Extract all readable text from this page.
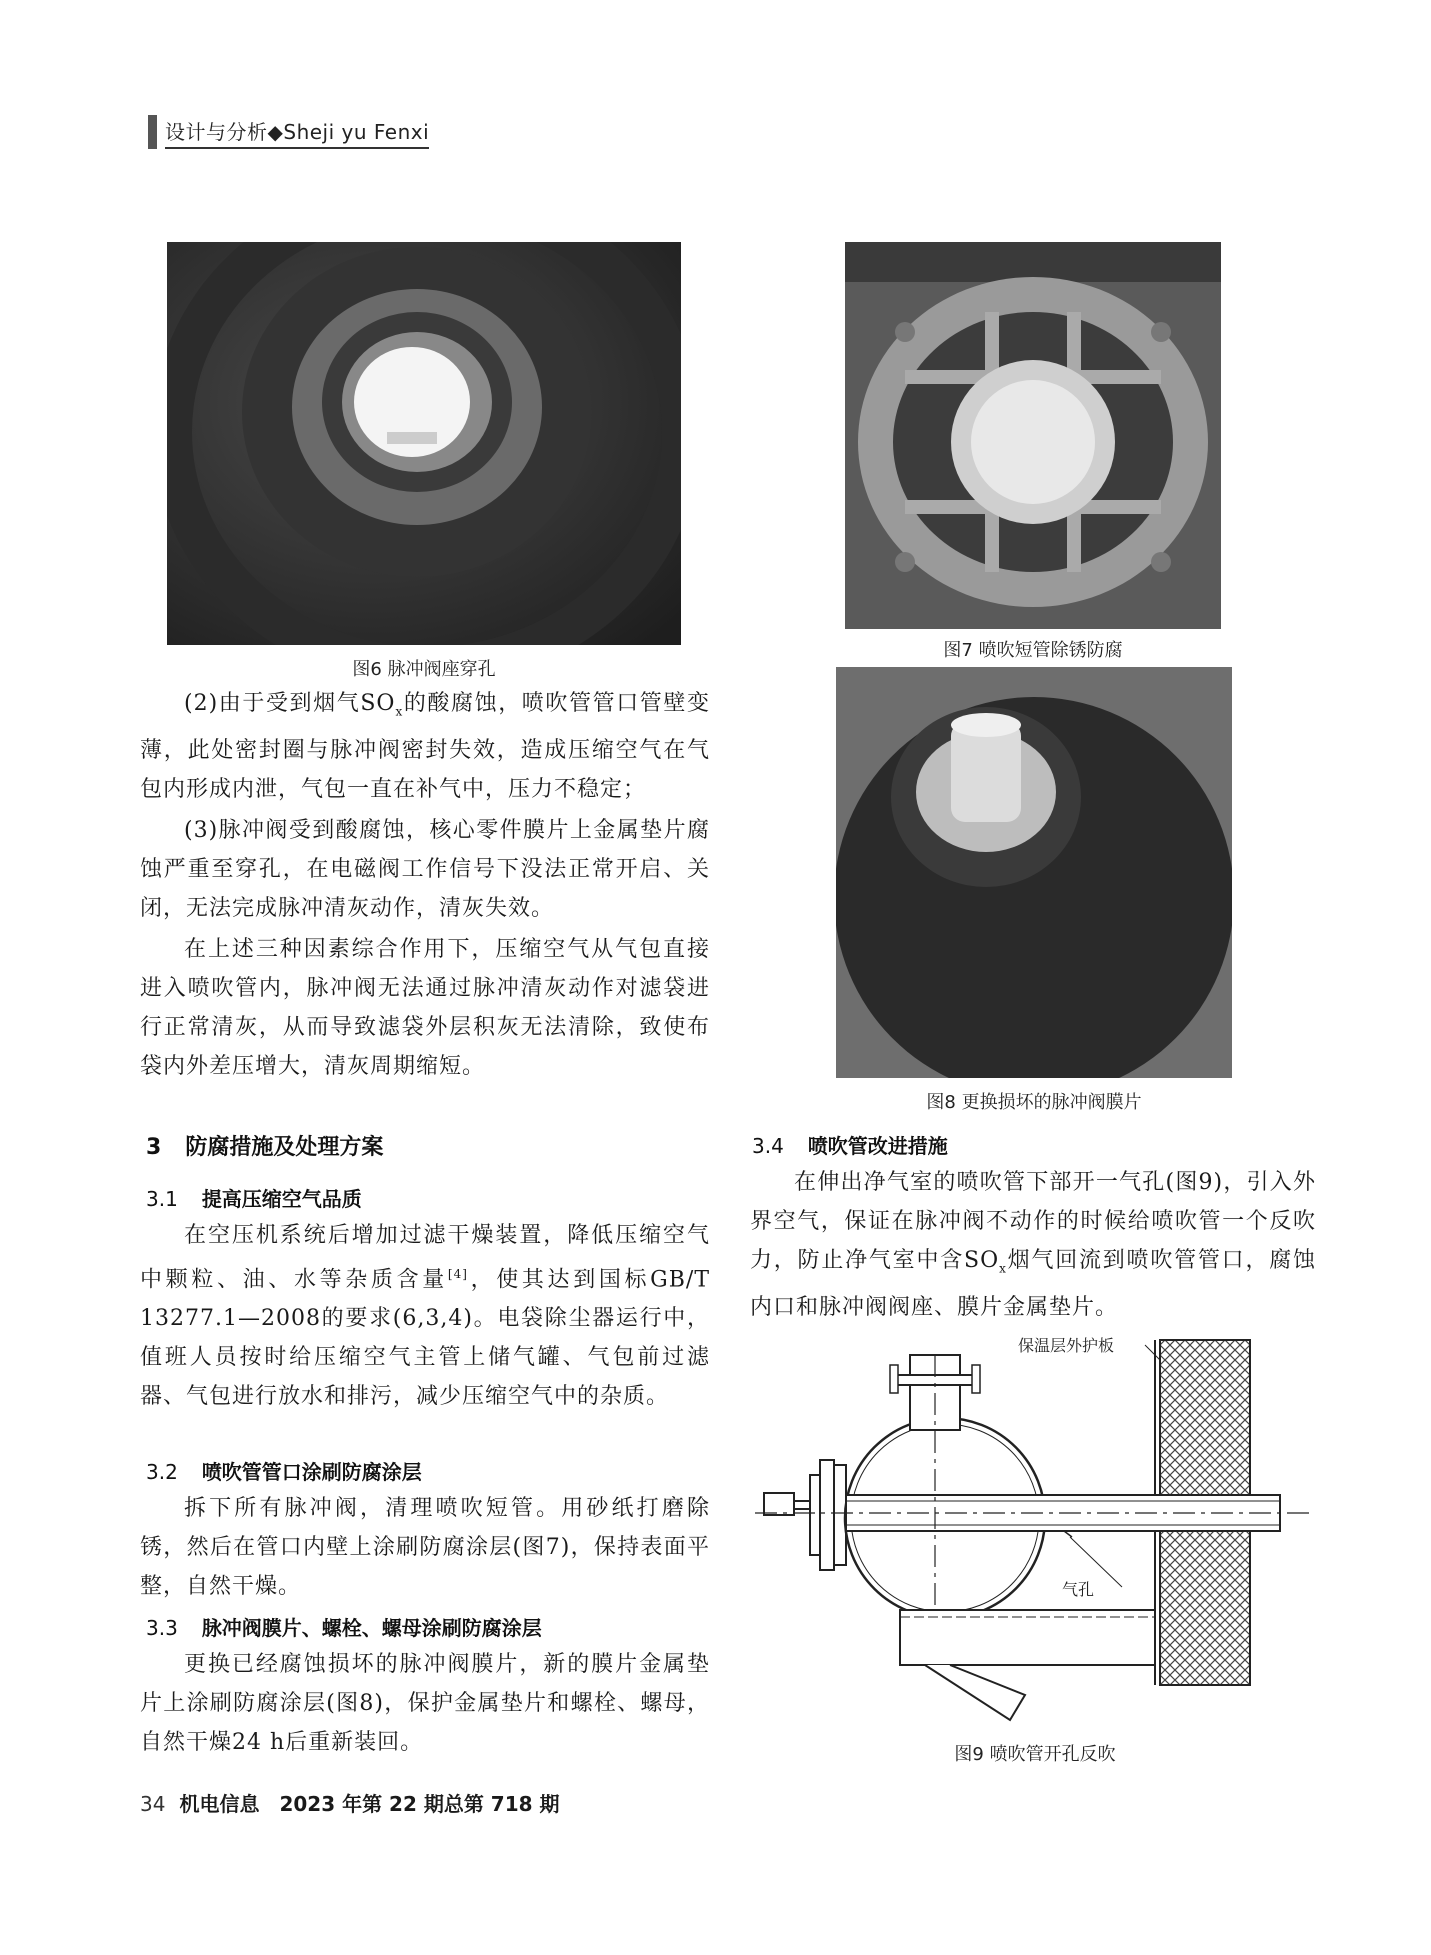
设计与分析◆Sheji yu Fenxi
图6 脉冲阀座穿孔
图7 喷吹短管除锈防腐
图8 更换损坏的脉冲阀膜片

(2)由于受到烟气$SO_x$的酸腐蚀，喷吹管管口管壁变薄，此处密封圈与脉冲阀密封失效，造成压缩空气在气包内形成内泄，气包一直在补气中，压力不稳定；

(3)脉冲阀受到酸腐蚀，核心零件膜片上金属垫片腐蚀严重至穿孔，在电磁阀工作信号下没法正常开启、关闭，无法完成脉冲清灰动作，清灰失效。

在上述三种因素综合作用下，压缩空气从气包直接进入喷吹管内，脉冲阀无法通过脉冲清灰动作对滤袋进行正常清灰，从而导致滤袋外层积灰无法清除，致使布袋内外差压增大，清灰周期缩短。

3 防腐措施及处理方案
3.1 提高压缩空气品质

在空压机系统后增加过滤干燥装置，降低压缩空气中颗粒、油、水等杂质含量[4]，使其达到国标GB/T 13277.1—2008的要求(6,3,4)。电袋除尘器运行中，值班人员按时给压缩空气主管上储气罐、气包前过滤器、气包进行放水和排污，减少压缩空气中的杂质。

3.2 喷吹管管口涂刷防腐涂层

拆下所有脉冲阀，清理喷吹短管。用砂纸打磨除锈，然后在管口内壁上涂刷防腐涂层(图7)，保持表面平整，自然干燥。

3.3 脉冲阀膜片、螺栓、螺母涂刷防腐涂层

更换已经腐蚀损坏的脉冲阀膜片，新的膜片金属垫片上涂刷防腐涂层(图8)，保护金属垫片和螺栓、螺母，自然干燥24 h后重新装回。

3.4 喷吹管改进措施

在伸出净气室的喷吹管下部开一气孔(图9)，引入外界空气，保证在脉冲阀不动作的时候给喷吹管一个反吹力，防止净气室中含$SO_x$烟气回流到喷吹管管口，腐蚀内口和脉冲阀阀座、膜片金属垫片。

气孔
保温层外护板
图9 喷吹管开孔反吹
34 机电信息　2023 年第 22 期总第 718 期
